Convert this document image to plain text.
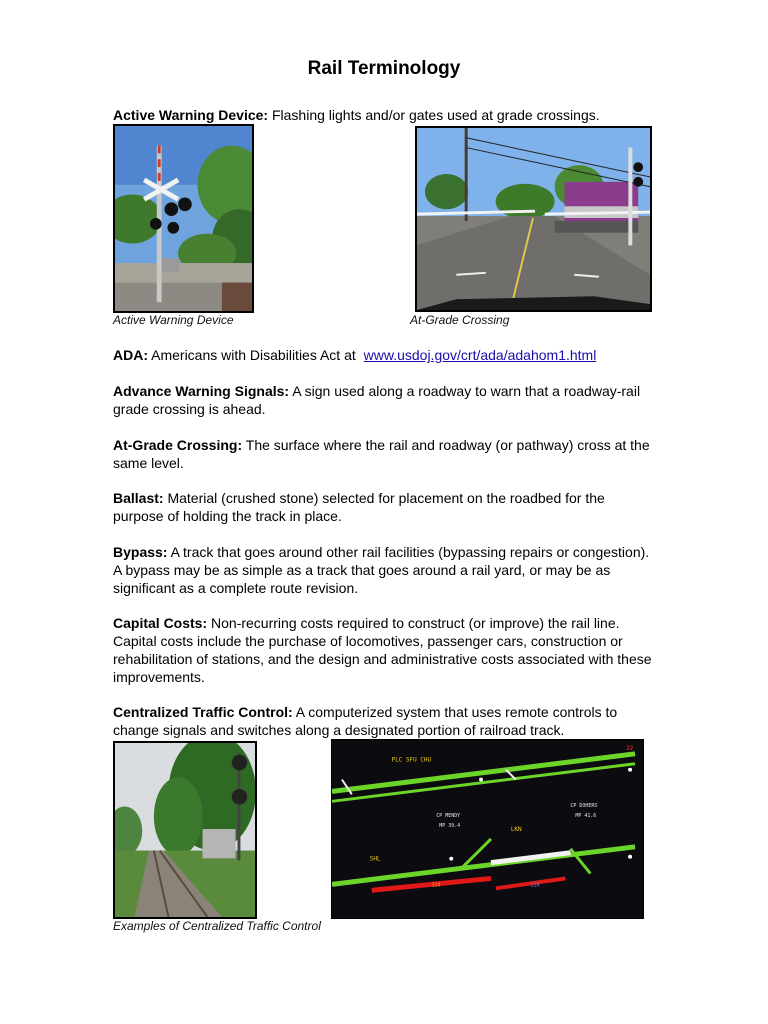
Rail Terminology
Active Warning Device: Flashing lights and/or gates used at grade crossings.
Active Warning Device	At-Grade Crossing
ADA: Americans with Disabilities Act at www.usdoj.gov/crt/ada/adahom1.html
Advance Warning Signals: A sign used along a roadway to warn that a roadway-rail grade crossing is ahead.
At-Grade Crossing: The surface where the rail and roadway (or pathway) cross at the same level.
Ballast: Material (crushed stone) selected for placement on the roadbed for the purpose of holding the track in place.
Bypass: A track that goes around other rail facilities (bypassing repairs or congestion). A bypass may be as simple as a track that goes around a rail yard, or may be as significant as a complete route revision.
Capital Costs: Non-recurring costs required to construct (or improve) the rail line. Capital costs include the purchase of locomotives, passenger cars, construction or rehabilitation of stations, and the design and administrative costs associated with these improvements.
Centralized Traffic Control: A computerized system that uses remote controls to change signals and switches along a designated portion of railroad track.
PLC SFU CHU
CP MENDY
MP 39.4
CP DOHERS
MP 41.6
LKN
SHL
324	224
22
Examples of Centralized Traffic Control
